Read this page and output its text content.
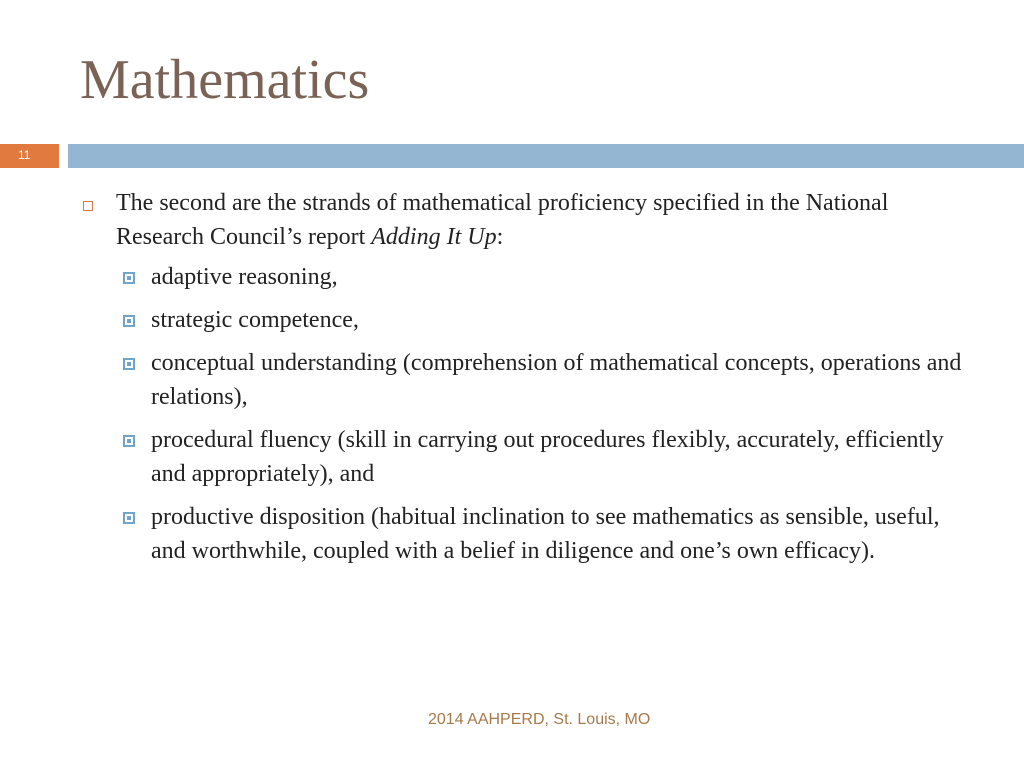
Mathematics
11
The second are the strands of mathematical proficiency specified in the National Research Council’s report Adding It Up:
adaptive reasoning,
strategic competence,
conceptual understanding (comprehension of mathematical concepts, operations and relations),
procedural fluency (skill in carrying out procedures flexibly, accurately, efficiently and appropriately), and
productive disposition (habitual inclination to see mathematics as sensible, useful, and worthwhile, coupled with a belief in diligence and one’s own efficacy).
2014 AAHPERD, St. Louis, MO
